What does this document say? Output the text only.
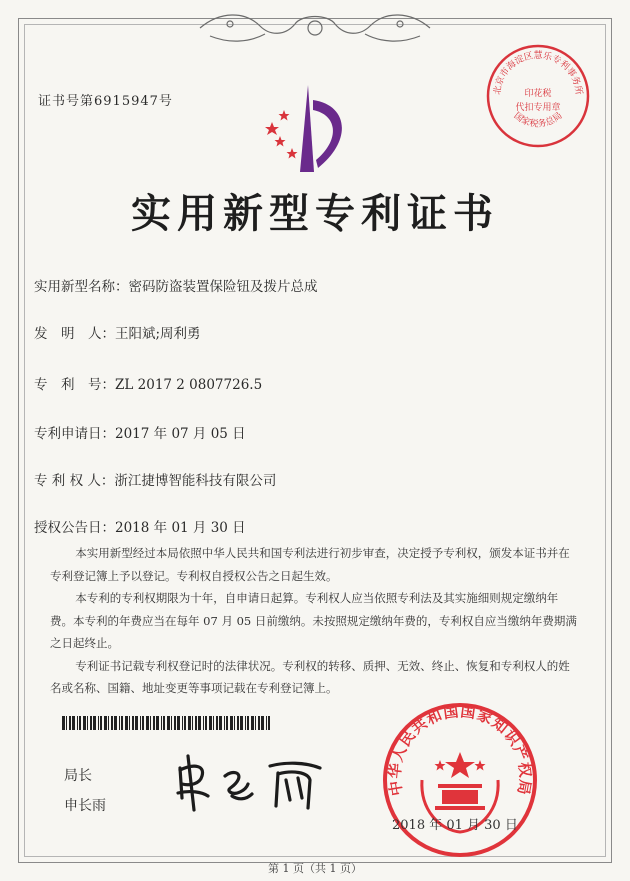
证书号第6915947号
北京市海淀区慧乐专利事务所
印花税
代扣专用章
国家税务总局
实用新型专利证书
实用新型名称：密码防盗装置保险钮及拨片总成
发　明　人：王阳斌;周利勇
专　利　号：ZL 2017 2 0807726.5
专利申请日：2017 年 07 月 05 日
专 利 权 人：浙江捷博智能科技有限公司
授权公告日：2018 年 01 月 30 日

本实用新型经过本局依照中华人民共和国专利法进行初步审查，决定授予专利权，颁发本证书并在专利登记簿上予以登记。专利权自授权公告之日起生效。

本专利的专利权期限为十年，自申请日起算。专利权人应当依照专利法及其实施细则规定缴纳年费。本专利的年费应当在每年 07 月 05 日前缴纳。未按照规定缴纳年费的，专利权自应当缴纳年费期满之日起终止。

专利证书记载专利权登记时的法律状况。专利权的转移、质押、无效、终止、恢复和专利权人的姓名或名称、国籍、地址变更等事项记载在专利登记簿上。

局长
申长雨
中华人民共和国国家知识产权局
2018 年 01 月 30 日
第 1 页（共 1 页）
